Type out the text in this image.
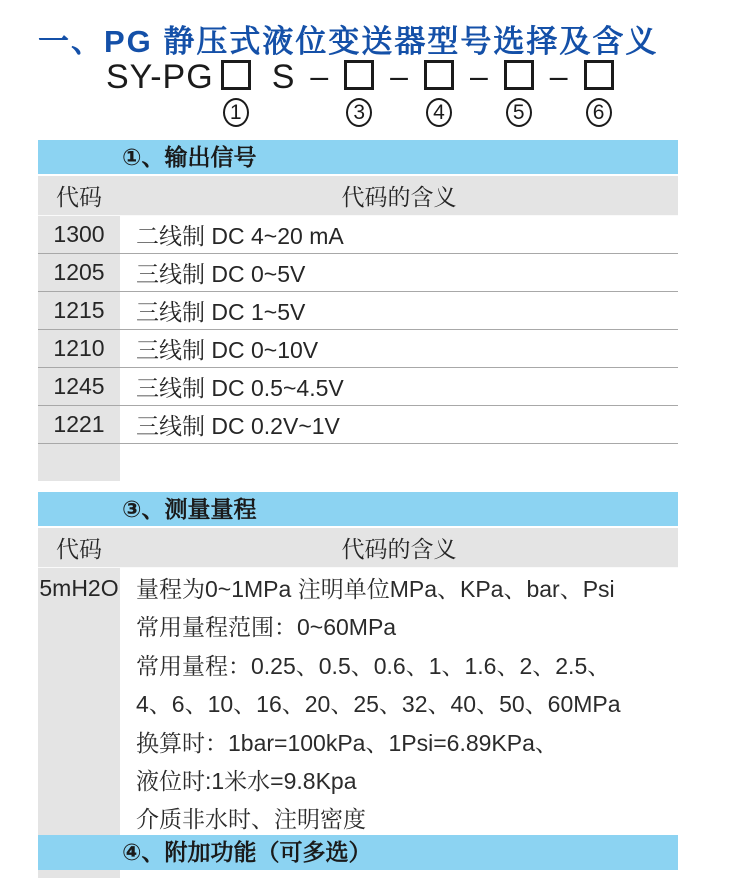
一、PG 静压式液位变送器型号选择及含义
SY-PG
1
S –
3
–
4
–
5
–
6
①、输出信号
代码	代码的含义
1300	二线制 DC 4~20 mA
1205	三线制 DC 0~5V
1215	三线制 DC 1~5V
1210	三线制 DC 0~10V
1245	三线制 DC 0.5~4.5V
1221	三线制 DC 0.2V~1V
③、测量量程
代码	代码的含义
5mH2O 量程为0~1MPa 注明单位MPa、KPa、bar、Psi

常用量程范围：0~60MPa

常用量程：0.25、0.5、0.6、1、1.6、2、2.5、

4、6、10、16、20、25、32、40、50、60MPa

换算时：1bar=100kPa、1Psi=6.89KPa、

液位时:1米水=9.8Kpa

介质非水时、注明密度

④、附加功能（可多选）
